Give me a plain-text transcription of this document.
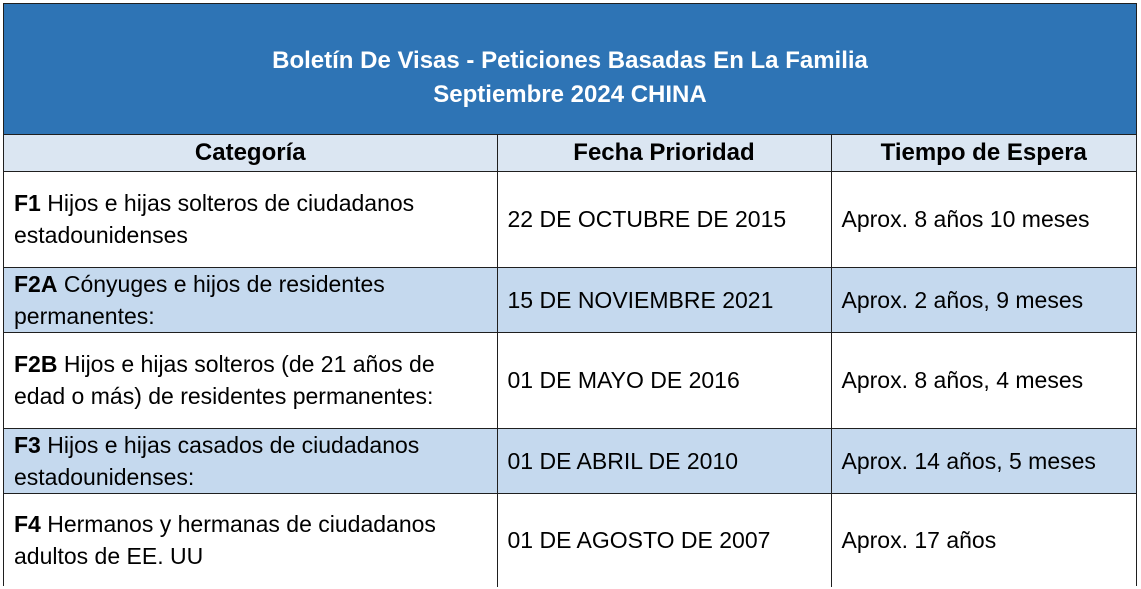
Boletín De Visas - Peticiones Basadas En La Familia
Septiembre 2024 CHINA
Categoría	Fecha Prioridad	Tiempo de Espera
F1 Hijos e hijas solteros de ciudadanos estadounidenses	22 DE OCTUBRE DE 2015	Aprox. 8 años 10 meses
F2A Cónyuges e hijos de residentes permanentes:	15 DE NOVIEMBRE 2021	Aprox. 2 años, 9 meses
F2B Hijos e hijas solteros (de 21 años de edad o más) de residentes permanentes:	01 DE MAYO DE 2016	Aprox. 8 años, 4 meses
F3 Hijos e hijas casados de ciudadanos estadounidenses:	01 DE ABRIL DE 2010	Aprox. 14 años, 5 meses
F4 Hermanos y hermanas de ciudadanos adultos de EE. UU	01 DE AGOSTO DE 2007	Aprox. 17 años
